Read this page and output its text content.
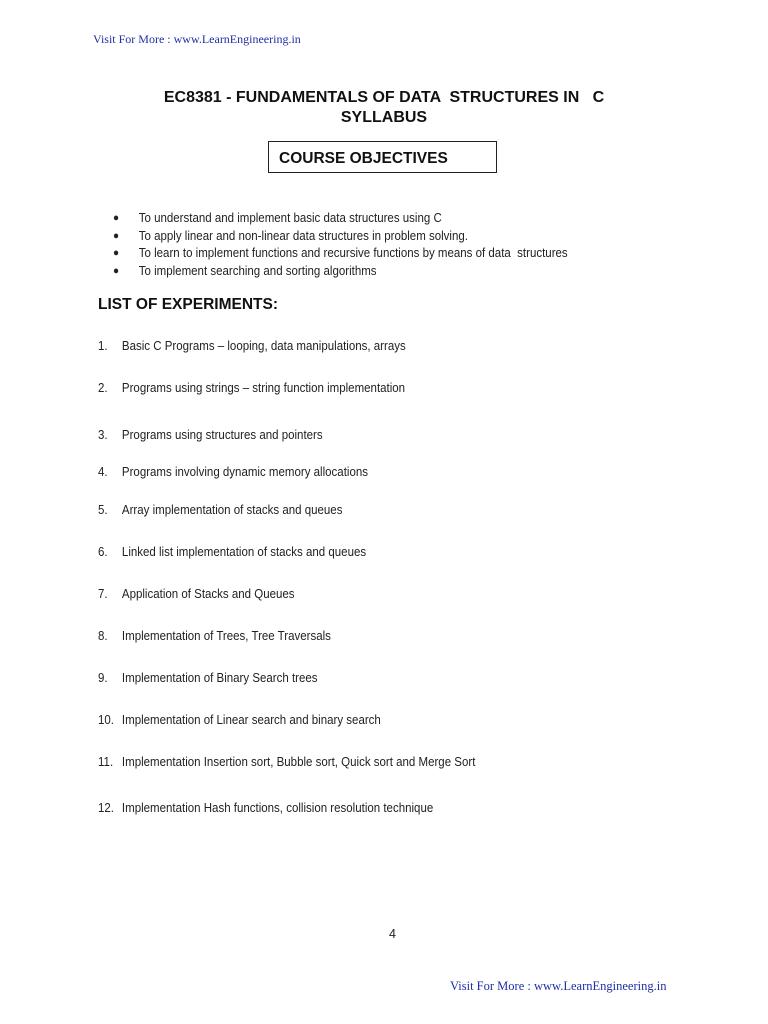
Visit For More : www.LearnEngineering.in
EC8381 - FUNDAMENTALS OF DATA  STRUCTURES IN   C
SYLLABUS
COURSE OBJECTIVES
● To understand and implement basic data structures using C
● To apply linear and non-linear data structures in problem solving.
● To learn to implement functions and recursive functions by means of data  structures
● To implement searching and sorting algorithms
LIST OF EXPERIMENTS:
1. Basic C Programs – looping, data manipulations, arrays
2. Programs using strings – string function implementation
3. Programs using structures and pointers
4. Programs involving dynamic memory allocations
5. Array implementation of stacks and queues
6. Linked list implementation of stacks and queues
7. Application of Stacks and Queues
8. Implementation of Trees, Tree Traversals
9. Implementation of Binary Search trees
10. Implementation of Linear search and binary search
11. Implementation Insertion sort, Bubble sort, Quick sort and Merge Sort
12. Implementation Hash functions, collision resolution technique
4
Visit For More : www.LearnEngineering.in
